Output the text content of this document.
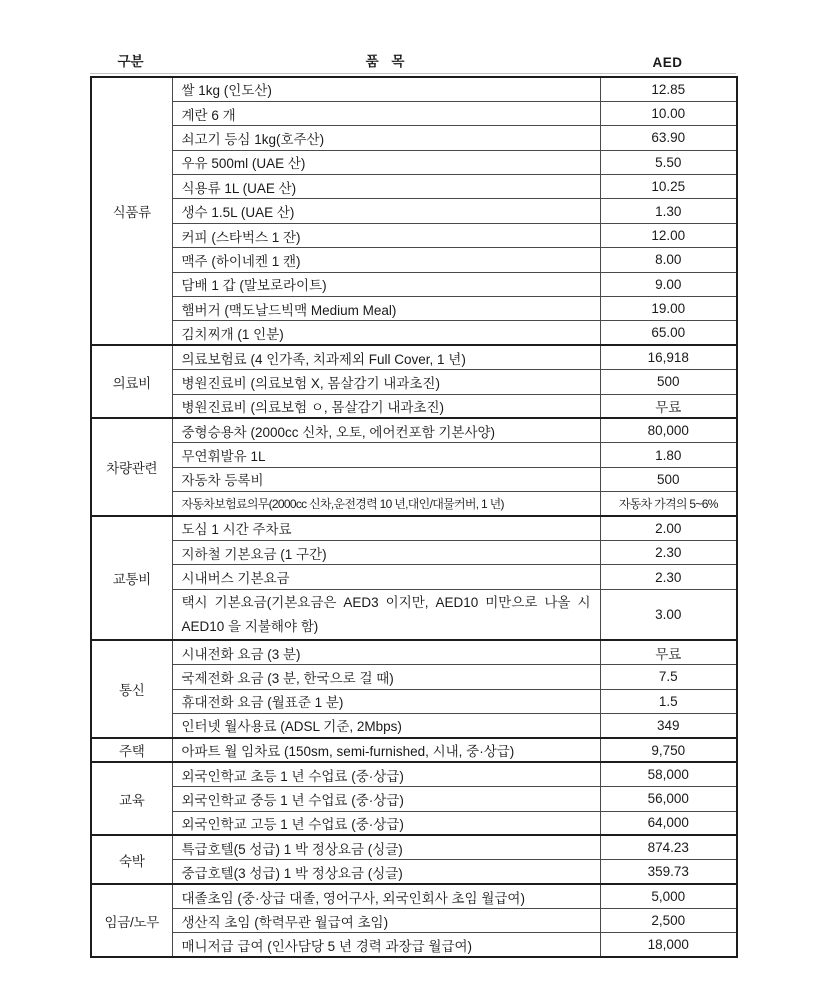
구분	품 목	AED
식품류	쌀 1kg (인도산)	12.85
	계란 6 개	10.00
	쇠고기 등심 1kg(호주산)	63.90
	우유 500ml (UAE 산)	5.50
	식용류 1L (UAE 산)	10.25
	생수 1.5L (UAE 산)	1.30
	커피 (스타벅스 1 잔)	12.00
	맥주 (하이네켄 1 캔)	8.00
	담배 1 갑 (말보로라이트)	9.00
	햄버거 (맥도날드빅맥 Medium Meal)	19.00
	김치찌개 (1 인분)	65.00
의료비	의료보험료 (4 인가족, 치과제외 Full Cover, 1 년)	16,918
	병원진료비 (의료보험 X, 몸살감기 내과초진)	500
	병원진료비 (의료보험 ㅇ, 몸살감기 내과초진)	무료
차량관련	중형승용차 (2000cc 신차, 오토, 에어컨포함 기본사양)	80,000
	무연휘발유 1L	1.80
	자동차 등록비	500
	자동차보험료의무(2000cc 신차,운전경력 10 년,대인/대물커버, 1 년)	자동차 가격의 5~6%
교통비	도심 1 시간 주차료	2.00
	지하철 기본요금 (1 구간)	2.30
	시내버스 기본요금	2.30
	택시 기본요금(기본요금은 AED3 이지만, AED10 미만으로 나올 시 AED10 을 지불해야 함)	3.00
통신	시내전화 요금 (3 분)	무료
	국제전화 요금 (3 분, 한국으로 걸 때)	7.5
	휴대전화 요금 (월표준 1 분)	1.5
	인터넷 월사용료 (ADSL 기준, 2Mbps)	349
주택	아파트 월 임차료 (150sm, semi-furnished, 시내, 중·상급)	9,750
교육	외국인학교 초등 1 년 수업료 (중·상급)	58,000
	외국인학교 중등 1 년 수업료 (중·상급)	56,000
	외국인학교 고등 1 년 수업료 (중·상급)	64,000
숙박	특급호텔(5 성급) 1 박 정상요금 (싱글)	874.23
	중급호텔(3 성급) 1 박 정상요금 (싱글)	359.73
임금/노무	대졸초임 (중·상급 대졸, 영어구사, 외국인회사 초임 월급여)	5,000
	생산직 초임 (학력무관 월급여 초임)	2,500
	매니저급 급여 (인사담당 5 년 경력 과장급 월급여)	18,000
